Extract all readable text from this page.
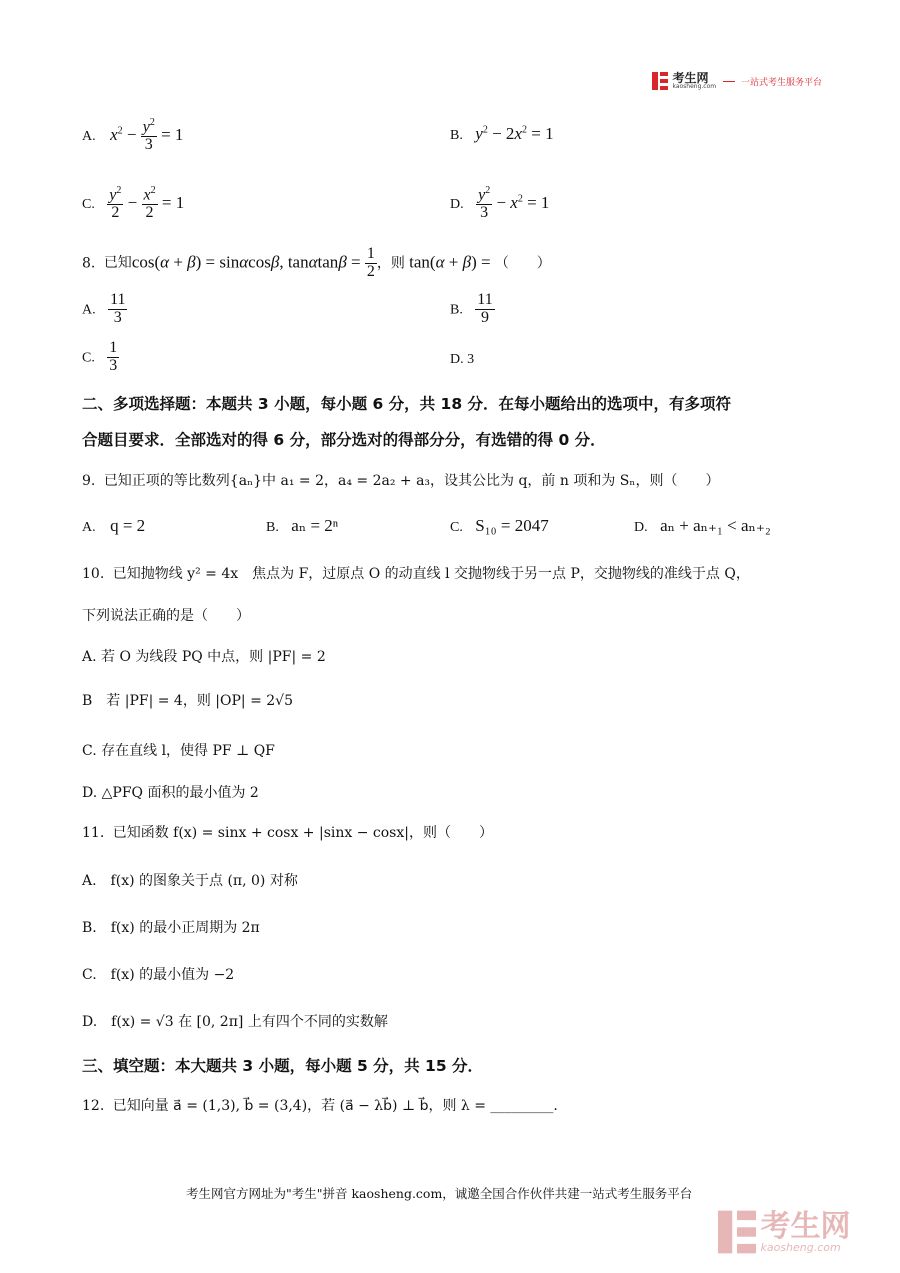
考生网
kaosheng.com	一站式考生服务平台
A. $x^2 - \frac{y^2}{3} = 1$	B. $y^2 - 2x^2 = 1$
C. $\frac{y^2}{2} - \frac{x^2}{2} = 1$	D. $\frac{y^2}{3} - x^2 = 1$
8. 已知cos(α + β) = sinαcosβ, $\tan\alpha\tan\beta = \frac{1}{2}$ ，则 tan(α + β) = （　　）
A. $\frac{11}{3}$	B. $\frac{11}{9}$
C. $\frac{1}{3}$	D. 3
二、多项选择题：本题共 3 小题，每小题 6 分，共 18 分．在每小题给出的选项中，有多项符
合题目要求．全部选对的得 6 分，部分选对的得部分分，有选错的得 0 分．
9. 已知正项的等比数列{aₙ}中 a₁ = 2，a₄ = 2a₂ + a₃，设其公比为 q，前 n 项和为 Sₙ，则（　　）
A. q = 2	B. aₙ = 2ⁿ	C. S₁₀ = 2047	D. aₙ + aₙ₊₁ < aₙ₊₂
10. 已知抛物线 y² = 4x　焦点为 F，过原点 O 的动直线 l 交抛物线于另一点 P，交抛物线的准线于点 Q，
下列说法正确的是（　　）
A. 若 O 为线段 PQ 中点，则 |PF| = 2
B　若 |PF| = 4，则 |OP| = 2√5
C. 存在直线 l，使得 PF ⊥ QF
D. △PFQ 面积的最小值为 2
11. 已知函数 f(x) = sinx + cosx + |sinx − cosx|，则（　　）
A.　f(x) 的图象关于点 (π, 0) 对称
B.　f(x) 的最小正周期为 2π
C.　f(x) 的最小值为 −2
D.　f(x) = √3 在 [0, 2π] 上有四个不同的实数解
三、填空题：本大题共 3 小题，每小题 5 分，共 15 分．
12. 已知向量 a⃗ = (1,3), b⃗ = (3,4)，若 (a⃗ − λb⃗) ⊥ b⃗，则 λ = _________.
考生网官方网址为"考生"拼音 kaosheng.com，诚邀全国合作伙伴共建一站式考生服务平台

考生网
kaosheng.com
